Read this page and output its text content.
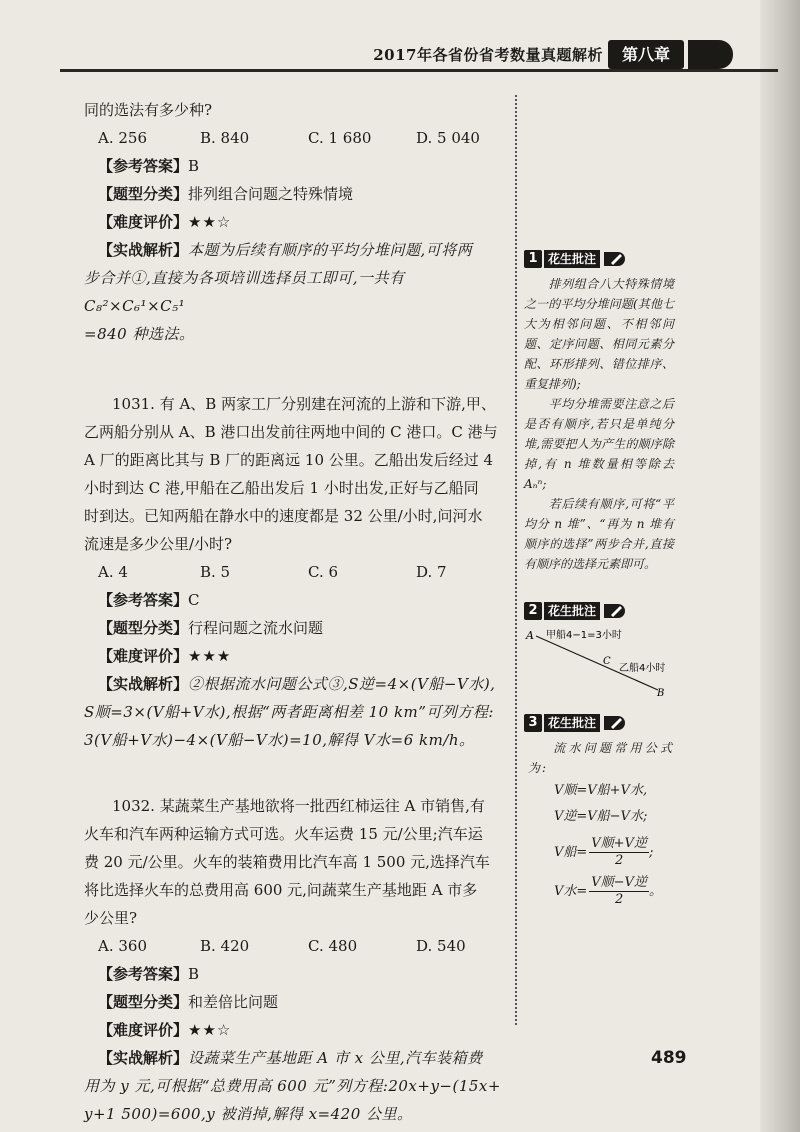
2017年各省份省考数量真题解析	第八章

同的选法有多少种?

A. 256	B. 840	C. 1 680	D. 5 040
【参考答案】B
【题型分类】排列组合问题之特殊情境
【难度评价】★★☆
【实战解析】本题为后续有顺序的平均分堆问题,可将两

步合并①,直接为各项培训选择员工即可,一共有 C₈²×C₆¹×C₅¹

=840 种选法。

1031. 有 A、B 两家工厂分别建在河流的上游和下游,甲、

乙两船分别从 A、B 港口出发前往两地中间的 C 港口。C 港与

A 厂的距离比其与 B 厂的距离远 10 公里。乙船出发后经过 4

小时到达 C 港,甲船在乙船出发后 1 小时出发,正好与乙船同

时到达。已知两船在静水中的速度都是 32 公里/小时,问河水

流速是多少公里/小时?

A. 4	B. 5	C. 6	D. 7
【参考答案】C
【题型分类】行程问题之流水问题
【难度评价】★★★
【实战解析】②根据流水问题公式③,S逆=4×(V船−V水),

S顺=3×(V船+V水),根据“两者距离相差 10 km”可列方程:

3(V船+V水)−4×(V船−V水)=10,解得 V水=6 km/h。

1032. 某蔬菜生产基地欲将一批西红柿运往 A 市销售,有

火车和汽车两种运输方式可选。火车运费 15 元/公里;汽车运

费 20 元/公里。火车的装箱费用比汽车高 1 500 元,选择汽车

将比选择火车的总费用高 600 元,问蔬菜生产基地距 A 市多

少公里?

A. 360	B. 420	C. 480	D. 540
【参考答案】B
【题型分类】和差倍比问题
【难度评价】★★☆
【实战解析】设蔬菜生产基地距 A 市 x 公里,汽车装箱费

用为 y 元,可根据“总费用高 600 元”列方程:20x+y−(15x+

y+1 500)=600,y 被消掉,解得 x=420 公里。

1 花生批注
排列组合八大特殊情境之一的平均分堆问题(其他七大为相邻问题、不相邻问题、定序问题、相同元素分配、环形排列、错位排序、重复排列);
平均分堆需要注意之后是否有顺序,若只是单纯分堆,需要把人为产生的顺序除掉,有 n 堆数量相等除去 Aₙⁿ;
若后续有顺序,可将“平均分 n 堆”、“再为 n 堆有顺序的选择”两步合并,直接有顺序的选择元素即可。
2 花生批注
A 甲船4−1=3小时
C
乙船4小时
B
3 花生批注
流水问题常用公式为:
V顺=V船+V水,
V逆=V船−V水;
V船=
V顺+V逆
2
;
V水=
V顺−V逆
2
。
489
